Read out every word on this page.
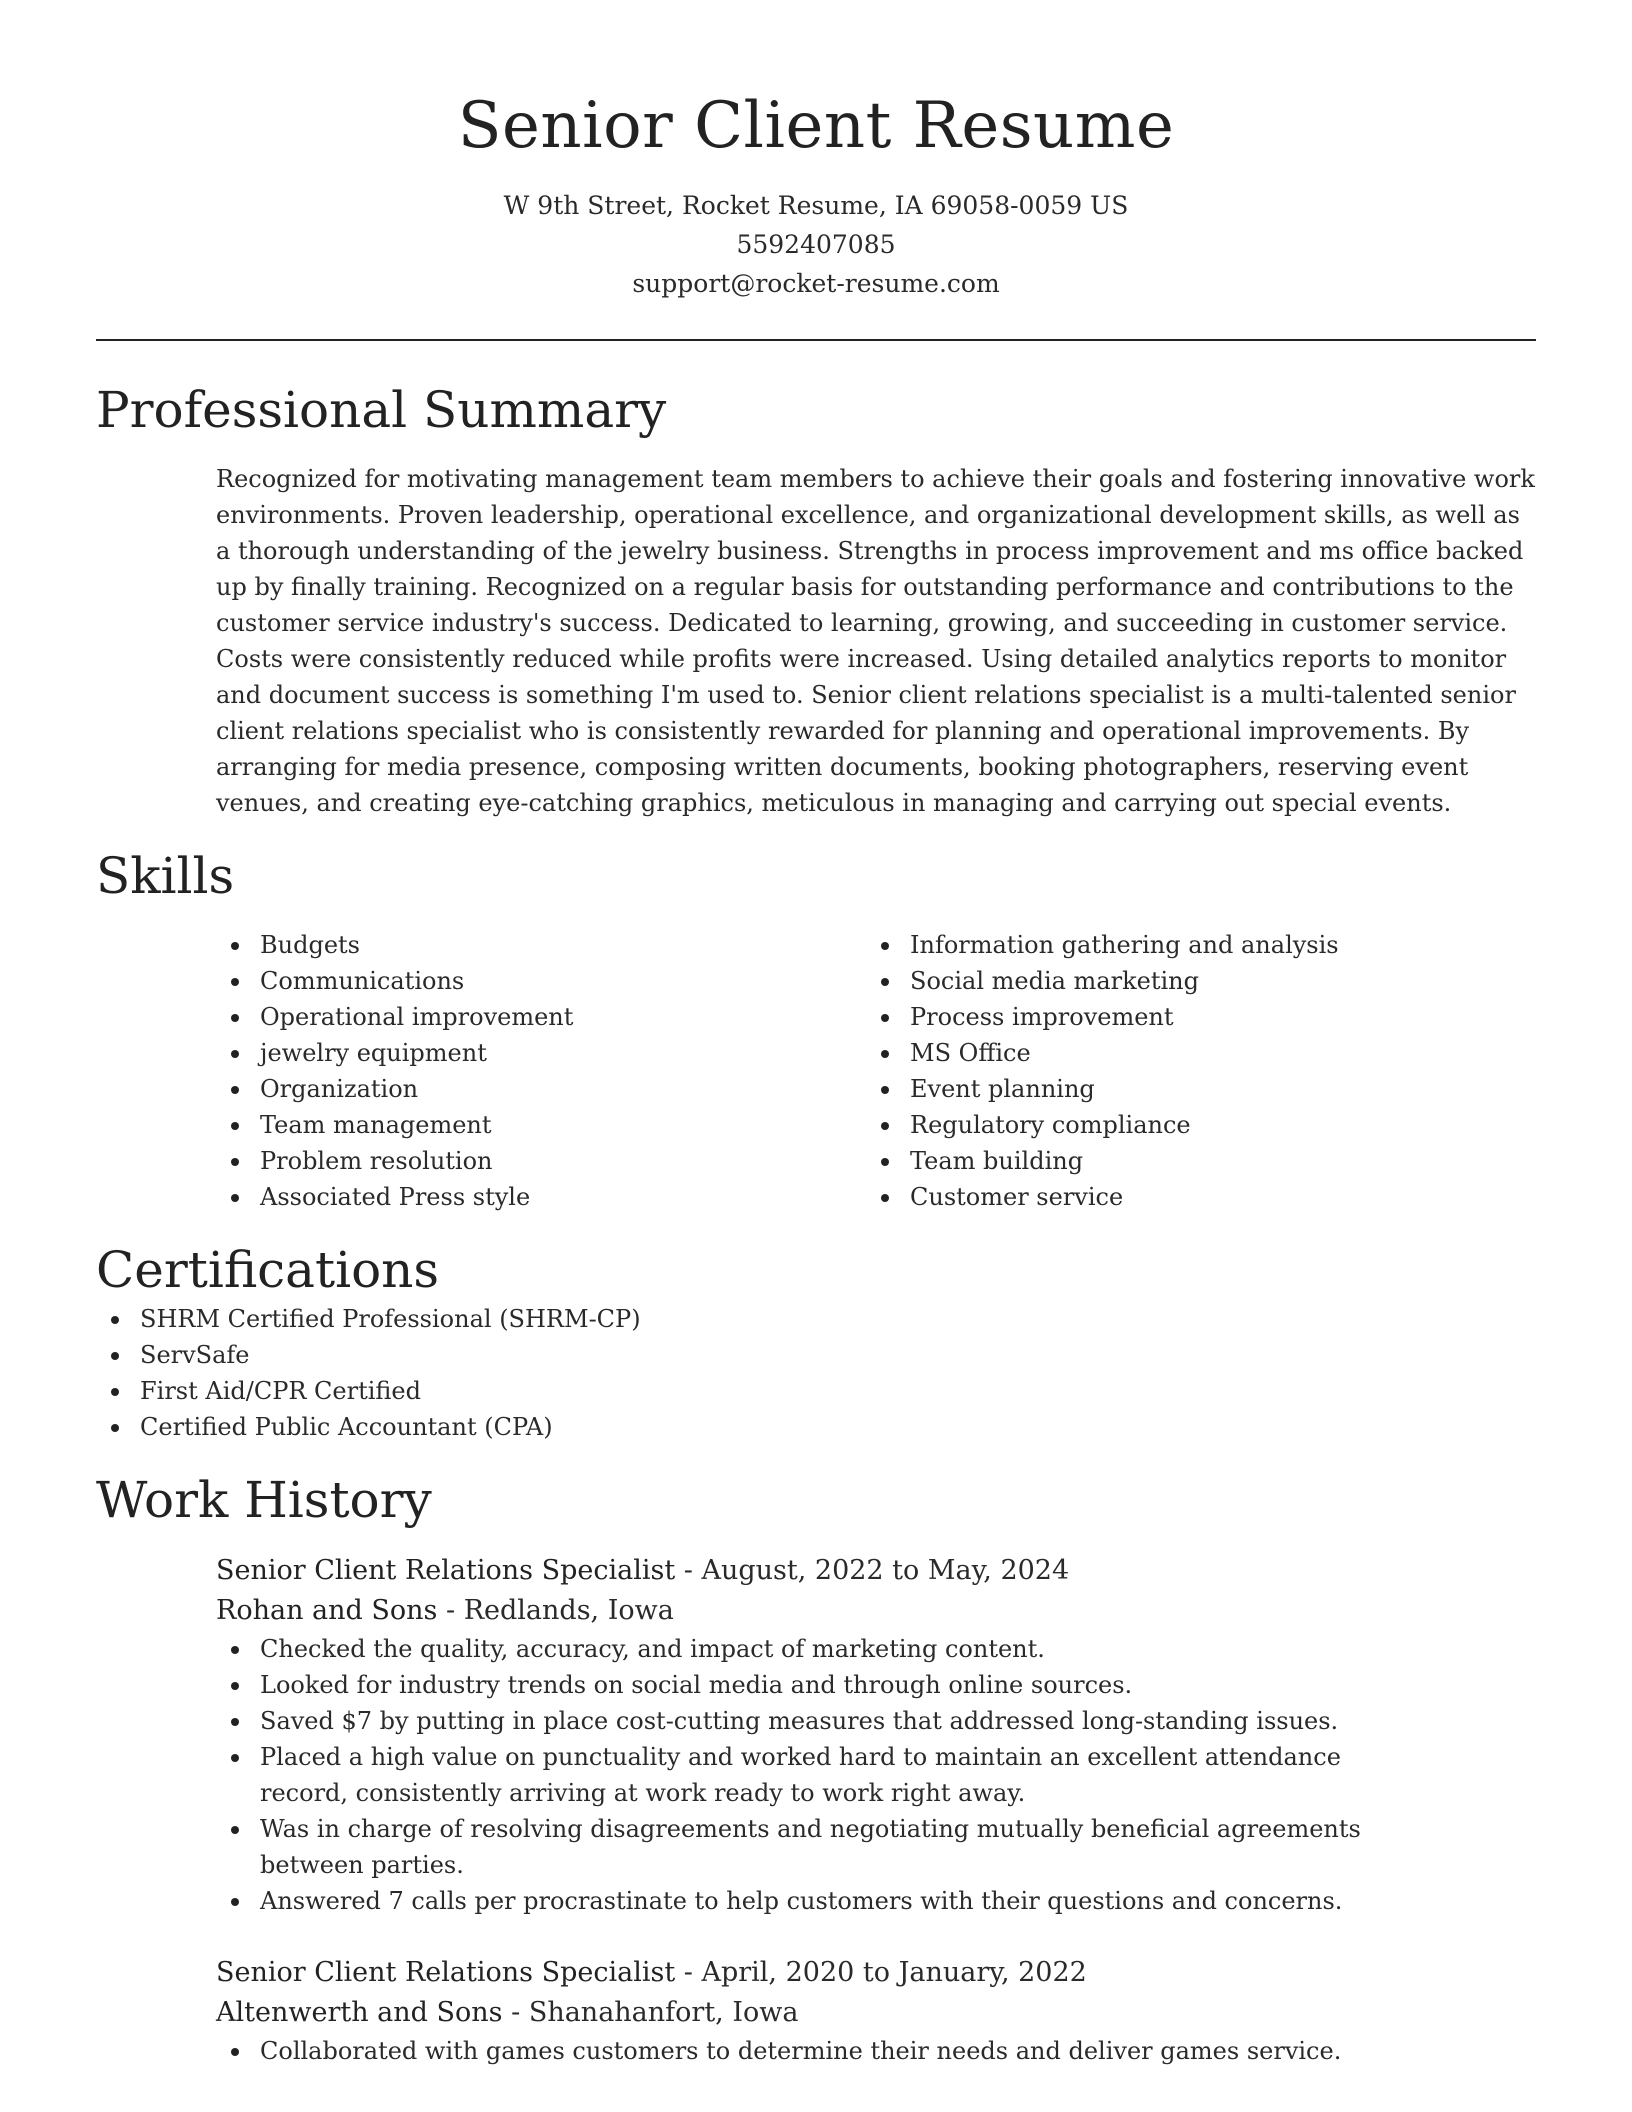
Senior Client Resume
W 9th Street, Rocket Resume, IA 69058-0059 US
5592407085
support@rocket-resume.com
Professional Summary

Recognized for motivating management team members to achieve their goals and fostering innovative work environments. Proven leadership, operational excellence, and organizational development skills, as well as a thorough understanding of the jewelry business. Strengths in process improvement and ms office backed up by finally training. Recognized on a regular basis for outstanding performance and contributions to the customer service industry's success. Dedicated to learning, growing, and succeeding in customer service. Costs were consistently reduced while profits were increased. Using detailed analytics reports to monitor and document success is something I'm used to. Senior client relations specialist is a multi-talented senior client relations specialist who is consistently rewarded for planning and operational improvements. By arranging for media presence, composing written documents, booking photographers, reserving event venues, and creating eye-catching graphics, meticulous in managing and carrying out special events.

Skills
Budgets
Communications
Operational improvement
jewelry equipment
Organization
Team management
Problem resolution
Associated Press style
Information gathering and analysis
Social media marketing
Process improvement
MS Office
Event planning
Regulatory compliance
Team building
Customer service
Certifications
SHRM Certified Professional (SHRM-CP)
ServSafe
First Aid/CPR Certified
Certified Public Accountant (CPA)
Work History
Senior Client Relations Specialist - August, 2022 to May, 2024
Rohan and Sons - Redlands, Iowa
Checked the quality, accuracy, and impact of marketing content.
Looked for industry trends on social media and through online sources.
Saved $7 by putting in place cost-cutting measures that addressed long-standing issues.
Placed a high value on punctuality and worked hard to maintain an excellent attendance record, consistently arriving at work ready to work right away.
Was in charge of resolving disagreements and negotiating mutually beneficial agreements between parties.
Answered 7 calls per procrastinate to help customers with their questions and concerns.
Senior Client Relations Specialist - April, 2020 to January, 2022
Altenwerth and Sons - Shanahanfort, Iowa
Collaborated with games customers to determine their needs and deliver games service.
